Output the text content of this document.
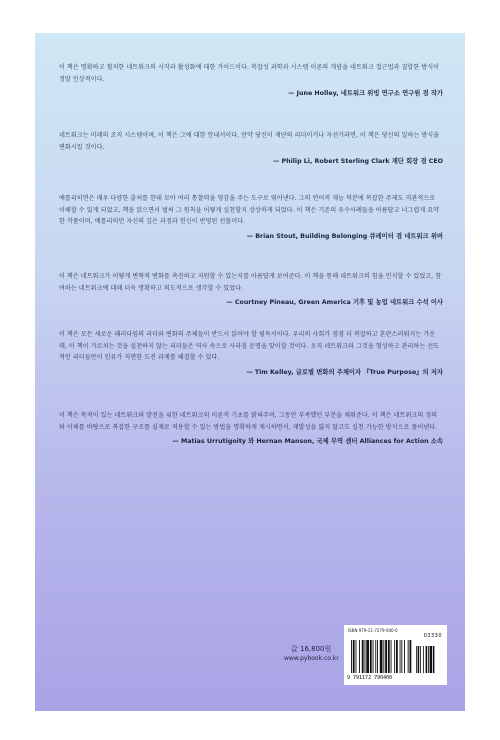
이 책은 명확하고 철저한 네트워크의 시작과 활성화에 대한 가이드이다. 복잡성 과학과 시스템 이론의 개념을 네트워크 접근법과 결합한 방식이 정말 인상적이다.

— June Holley, 네트워크 위빙 연구소 연구원 겸 작가

네트워크는 미래의 조직 시스템이며, 이 책은 그에 대한 안내서이다. 만약 당신이 재단의 리더이거나 자선가라면, 이 책은 당신의 일하는 방식을 변화시킬 것이다.

— Philip Li, Robert Sterling Clark 재단 회장 겸 CEO

예를리히면은 매우 다양한 출처를 한데 모아 여러 통찰력을 영감을 주는 도구로 엮어낸다. 그의 언어적 재능 덕분에 복잡한 주제도 직관적으로 이해할 수 있게 되었고, 책을 읽으면서 벌써 그 원칙을 어떻게 실천할지 상상하게 되었다. 이 책은 기존의 우수사례들을 아름답고 너그럽게 요약한 작품이며, 예를리히먼 자신의 깊은 과정과 헌신이 반영된 선물이다.

— Brian Stout, Building Belonging 큐레이터 겸 네트워크 위버

이 책은 네트워크가 어떻게 변혁적 변화를 촉진하고 지원할 수 있는지를 아름답게 보여준다. 이 책을 통해 네트워크의 힘을 인식할 수 있었고, 참여하는 네트워크에 대해 더욱 명확하고 의도적으로 생각할 수 있었다.

— Courtney Pineau, Green America 기후 및 농업 네트워크 수석 이사

이 책은 모든 새로운 패러다임의 리더와 변화의 주체들이 반드시 읽어야 할 필독서이다. 우리의 사회가 점점 더 복잡하고 혼란스러워지는 가운데, 이 책이 가르치는 것을 실천하지 않는 리더들은 역사 속으로 사라질 운명을 맞이할 것이다. 오직 네트워크와 그것을 형성하고 관리하는 선도적인 리더들만이 인류가 직면한 도전 과제를 해결할 수 있다.

— Tim Kelley, 글로벌 변화의 주체이자 『True Purpose』의 저자

이 책은 목적이 있는 네트워크와 발전을 위한 네트워크의 이론적 기초를 밝혀주며, 그동안 부족했던 부분을 채워준다. 이 책은 네트워크의 정의와 이해를 바탕으로 복잡한 구조를 실제로 적용할 수 있는 방법을 명확하게 제시하면서, 재발성을 잃지 않고도 실천 가능한 방식으로 풀어낸다.

— Matias Urrutigoity 와 Hernan Manson, 국제 무역 센터 Alliances for Action 소속

값 16,800원
www.pybook.co.kr
ISBN 979-11-7279-040-0
03330
9 791172 790400
